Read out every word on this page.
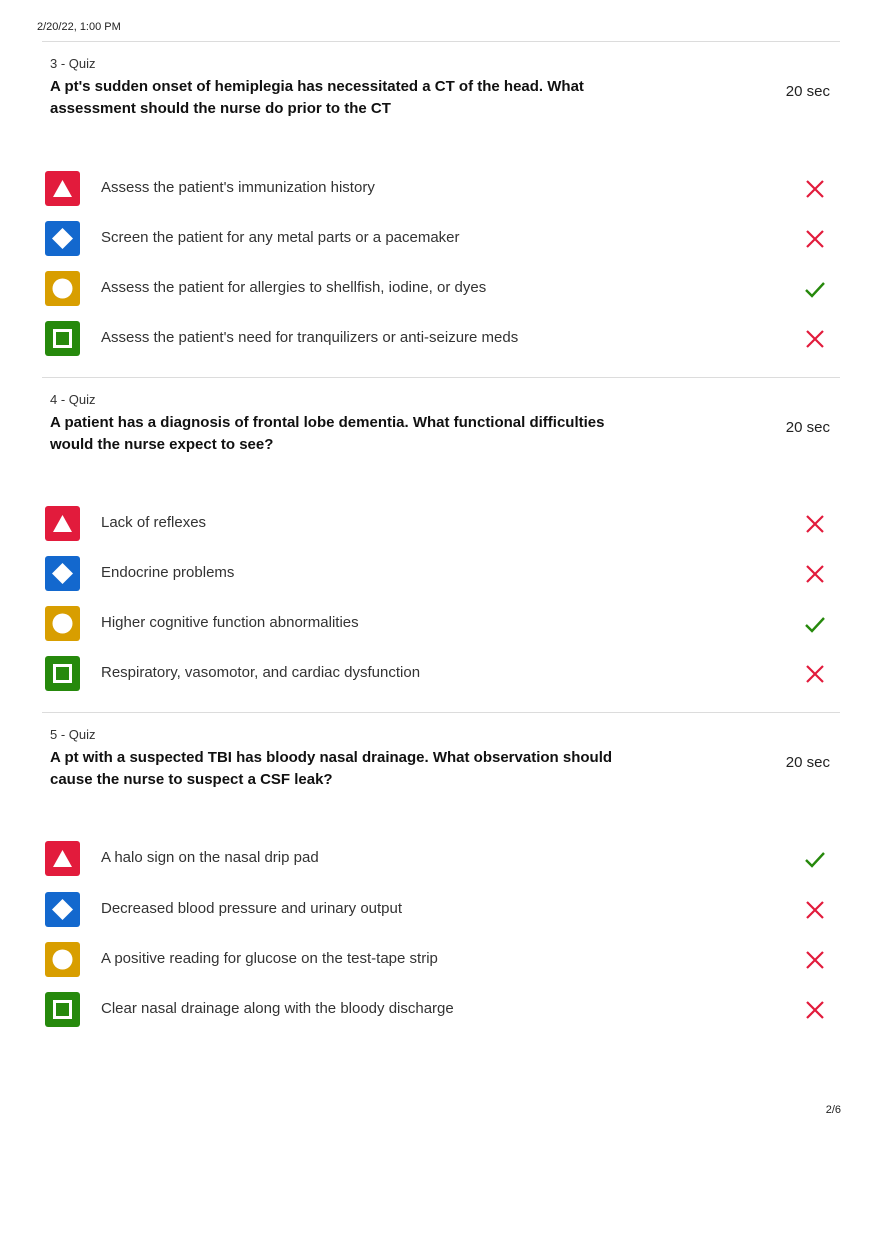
2/20/22, 1:00 PM
3 - Quiz
A pt's sudden onset of hemiplegia has necessitated a CT of the head. What assessment should the nurse do prior to the CT
20 sec
Assess the patient's immunization history
Screen the patient for any metal parts or a pacemaker
Assess the patient for allergies to shellfish, iodine, or dyes
Assess the patient's need for tranquilizers or anti-seizure meds
4 - Quiz
A patient has a diagnosis of frontal lobe dementia. What functional difficulties would the nurse expect to see?
20 sec
Lack of reflexes
Endocrine problems
Higher cognitive function abnormalities
Respiratory, vasomotor, and cardiac dysfunction
5 - Quiz
A pt with a suspected TBI has bloody nasal drainage. What observation should cause the nurse to suspect a CSF leak?
20 sec
A halo sign on the nasal drip pad
Decreased blood pressure and urinary output
A positive reading for glucose on the test-tape strip
Clear nasal drainage along with the bloody discharge
2/6
